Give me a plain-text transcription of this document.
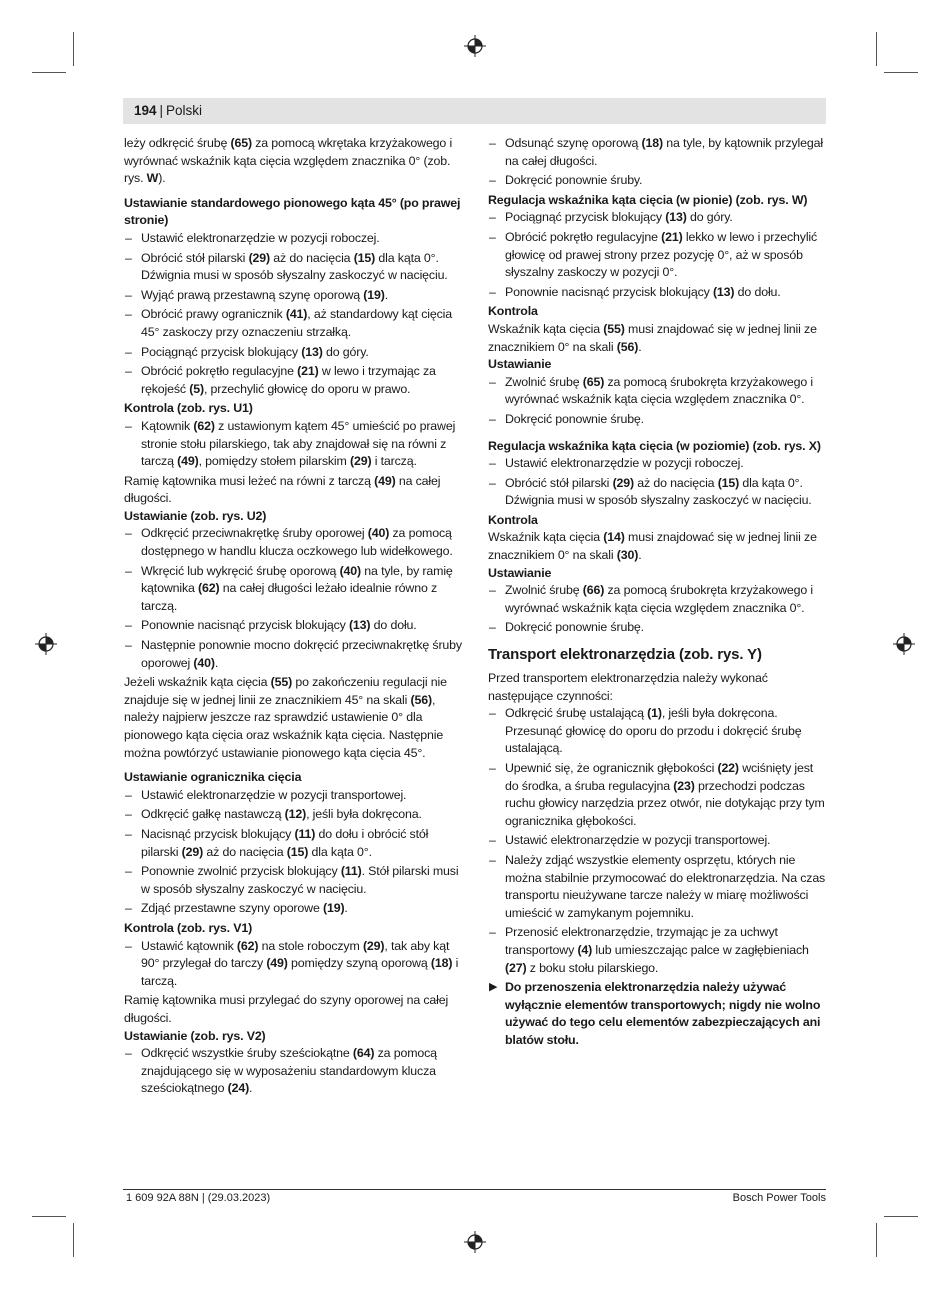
194 | Polski

leży odkręcić śrubę (65) za pomocą wkrętaka krzyżakowego i wyrównać wskaźnik kąta cięcia względem znacznika 0° (zob. rys. W).

Ustawianie standardowego pionowego kąta 45° (po prawej stronie)

– Ustawić elektronarzędzie w pozycji roboczej.
– Obrócić stół pilarski (29) aż do nacięcia (15) dla kąta 0°. Dźwignia musi w sposób słyszalny zaskoczyć w nacięciu.
– Wyjąć prawą przestawną szynę oporową (19).
– Obrócić prawy ogranicznik (41), aż standardowy kąt cięcia 45° zaskoczy przy oznaczeniu strzałką.
– Pociągnąć przycisk blokujący (13) do góry.
– Obrócić pokrętło regulacyjne (21) w lewo i trzymając za rękojeść (5), przechylić głowicę do oporu w prawo.

Kontrola (zob. rys. U1)

– Kątownik (62) z ustawionym kątem 45° umieścić po prawej stronie stołu pilarskiego, tak aby znajdował się na równi z tarczą (49), pomiędzy stołem pilarskim (29) i tarczą.

Ramię kątownika musi leżeć na równi z tarczą (49) na całej długości.

Ustawianie (zob. rys. U2)

– Odkręcić przeciwnakrętkę śruby oporowej (40) za pomocą dostępnego w handlu klucza oczkowego lub widełkowego.
– Wkręcić lub wykręcić śrubę oporową (40) na tyle, by ramię kątownika (62) na całej długości leżało idealnie równo z tarczą.
– Ponownie nacisnąć przycisk blokujący (13) do dołu.
– Następnie ponownie mocno dokręcić przeciwnakrętkę śruby oporowej (40).

Jeżeli wskaźnik kąta cięcia (55) po zakończeniu regulacji nie znajduje się w jednej linii ze znacznikiem 45° na skali (56), należy najpierw jeszcze raz sprawdzić ustawienie 0° dla pionowego kąta cięcia oraz wskaźnik kąta cięcia. Następnie można powtórzyć ustawianie pionowego kąta cięcia 45°.

Ustawianie ogranicznika cięcia

– Ustawić elektronarzędzie w pozycji transportowej.
– Odkręcić gałkę nastawczą (12), jeśli była dokręcona.
– Nacisnąć przycisk blokujący (11) do dołu i obrócić stół pilarski (29) aż do nacięcia (15) dla kąta 0°.
– Ponownie zwolnić przycisk blokujący (11). Stół pilarski musi w sposób słyszalny zaskoczyć w nacięciu.
– Zdjąć przestawne szyny oporowe (19).

Kontrola (zob. rys. V1)

– Ustawić kątownik (62) na stole roboczym (29), tak aby kąt 90° przylegał do tarczy (49) pomiędzy szyną oporową (18) i tarczą.

Ramię kątownika musi przylegać do szyny oporowej na całej długości.

Ustawianie (zob. rys. V2)

– Odkręcić wszystkie śruby sześciokątne (64) za pomocą znajdującego się w wyposażeniu standardowym klucza sześciokątnego (24).
– Odsunąć szynę oporową (18) na tyle, by kątownik przylegał na całej długości.
– Dokręcić ponownie śruby.

Regulacja wskaźnika kąta cięcia (w pionie) (zob. rys. W)

– Pociągnąć przycisk blokujący (13) do góry.
– Obrócić pokrętło regulacyjne (21) lekko w lewo i przechylić głowicę od prawej strony przez pozycję 0°, aż w sposób słyszalny zaskoczy w pozycji 0°.
– Ponownie nacisnąć przycisk blokujący (13) do dołu.

Kontrola

Wskaźnik kąta cięcia (55) musi znajdować się w jednej linii ze znacznikiem 0° na skali (56).

Ustawianie

– Zwolnić śrubę (65) za pomocą śrubokręta krzyżakowego i wyrównać wskaźnik kąta cięcia względem znacznika 0°.
– Dokręcić ponownie śrubę.

Regulacja wskaźnika kąta cięcia (w poziomie) (zob. rys. X)

– Ustawić elektronarzędzie w pozycji roboczej.
– Obrócić stół pilarski (29) aż do nacięcia (15) dla kąta 0°. Dźwignia musi w sposób słyszalny zaskoczyć w nacięciu.

Kontrola

Wskaźnik kąta cięcia (14) musi znajdować się w jednej linii ze znacznikiem 0° na skali (30).

Ustawianie

– Zwolnić śrubę (66) za pomocą śrubokręta krzyżakowego i wyrównać wskaźnik kąta cięcia względem znacznika 0°.
– Dokręcić ponownie śrubę.

Transport elektronarzędzia (zob. rys. Y)

Przed transportem elektronarzędzia należy wykonać następujące czynności:

– Odkręcić śrubę ustalającą (1), jeśli była dokręcona. Przesunąć głowicę do oporu do przodu i dokręcić śrubę ustalającą.
– Upewnić się, że ogranicznik głębokości (22) wciśnięty jest do środka, a śruba regulacyjna (23) przechodzi podczas ruchu głowicy narzędzia przez otwór, nie dotykając przy tym ogranicznika głębokości.
– Ustawić elektronarzędzie w pozycji transportowej.
– Należy zdjąć wszystkie elementy osprzętu, których nie można stabilnie przymocować do elektronarzędzia. Na czas transportu nieużywane tarcze należy w miarę możliwości umieścić w zamykanym pojemniku.
– Przenosić elektronarzędzie, trzymając je za uchwyt transportowy (4) lub umieszczając palce w zagłębieniach (27) z boku stołu pilarskiego.
▶ Do przenoszenia elektronarzędzia należy używać wyłącznie elementów transportowych; nigdy nie wolno używać do tego celu elementów zabezpieczających ani blatów stołu.
1 609 92A 88N | (29.03.2023)	Bosch Power Tools
